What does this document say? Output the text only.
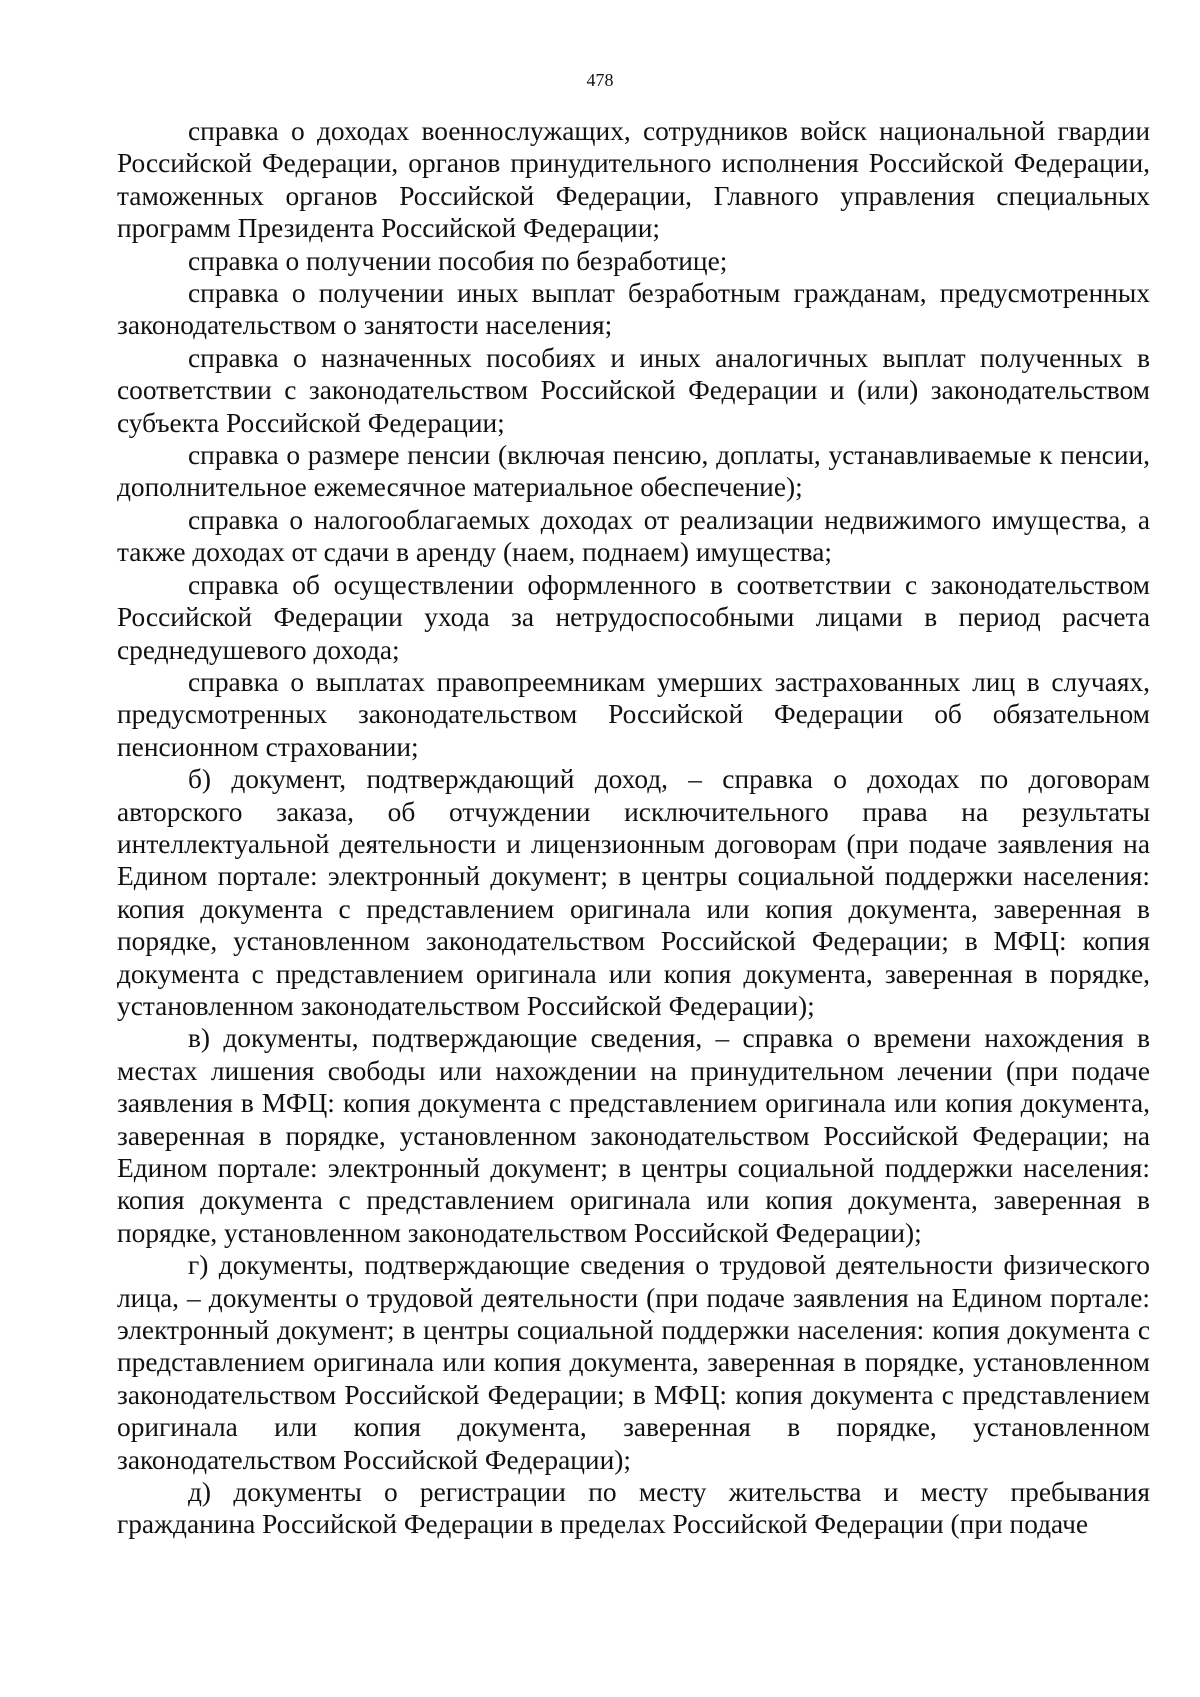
478

справка о доходах военнослужащих, сотрудников войск национальной гвардии Российской Федерации, органов принудительного исполнения Российской Федерации, таможенных органов Российской Федерации, Главного управления специальных программ Президента Российской Федерации;

справка о получении пособия по безработице;

справка о получении иных выплат безработным гражданам, предусмотренных законодательством о занятости населения;

справка о назначенных пособиях и иных аналогичных выплат полученных в соответствии с законодательством Российской Федерации и (или) законодательством субъекта Российской Федерации;

справка о размере пенсии (включая пенсию, доплаты, устанавливаемые к пенсии, дополнительное ежемесячное материальное обеспечение);

справка о налогооблагаемых доходах от реализации недвижимого имущества, а также доходах от сдачи в аренду (наем, поднаем) имущества;

справка об осуществлении оформленного в соответствии с законодательством Российской Федерации ухода за нетрудоспособными лицами в период расчета среднедушевого дохода;

справка о выплатах правопреемникам умерших застрахованных лиц в случаях, предусмотренных законодательством Российской Федерации об обязательном пенсионном страховании;

б) документ, подтверждающий доход, – справка о доходах по договорам авторского заказа, об отчуждении исключительного права на результаты интеллектуальной деятельности и лицензионным договорам (при подаче заявления на Едином портале: электронный документ; в центры социальной поддержки населения: копия документа с представлением оригинала или копия документа, заверенная в порядке, установленном законодательством Российской Федерации; в МФЦ: копия документа с представлением оригинала или копия документа, заверенная в порядке, установленном законодательством Российской Федерации);

в) документы, подтверждающие сведения, – справка о времени нахождения в местах лишения свободы или нахождении на принудительном лечении (при подаче заявления в МФЦ: копия документа с представлением оригинала или копия документа, заверенная в порядке, установленном законодательством Российской Федерации; на Едином портале: электронный документ; в центры социальной поддержки населения: копия документа с представлением оригинала или копия документа, заверенная в порядке, установленном законодательством Российской Федерации);

г) документы, подтверждающие сведения о трудовой деятельности физического лица, – документы о трудовой деятельности (при подаче заявления на Едином портале: электронный документ; в центры социальной поддержки населения: копия документа с представлением оригинала или копия документа, заверенная в порядке, установленном законодательством Российской Федерации; в МФЦ: копия документа с представлением оригинала или копия документа, заверенная в порядке, установленном законодательством Российской Федерации);

д) документы о регистрации по месту жительства и месту пребывания гражданина Российской Федерации в пределах Российской Федерации (при подаче
